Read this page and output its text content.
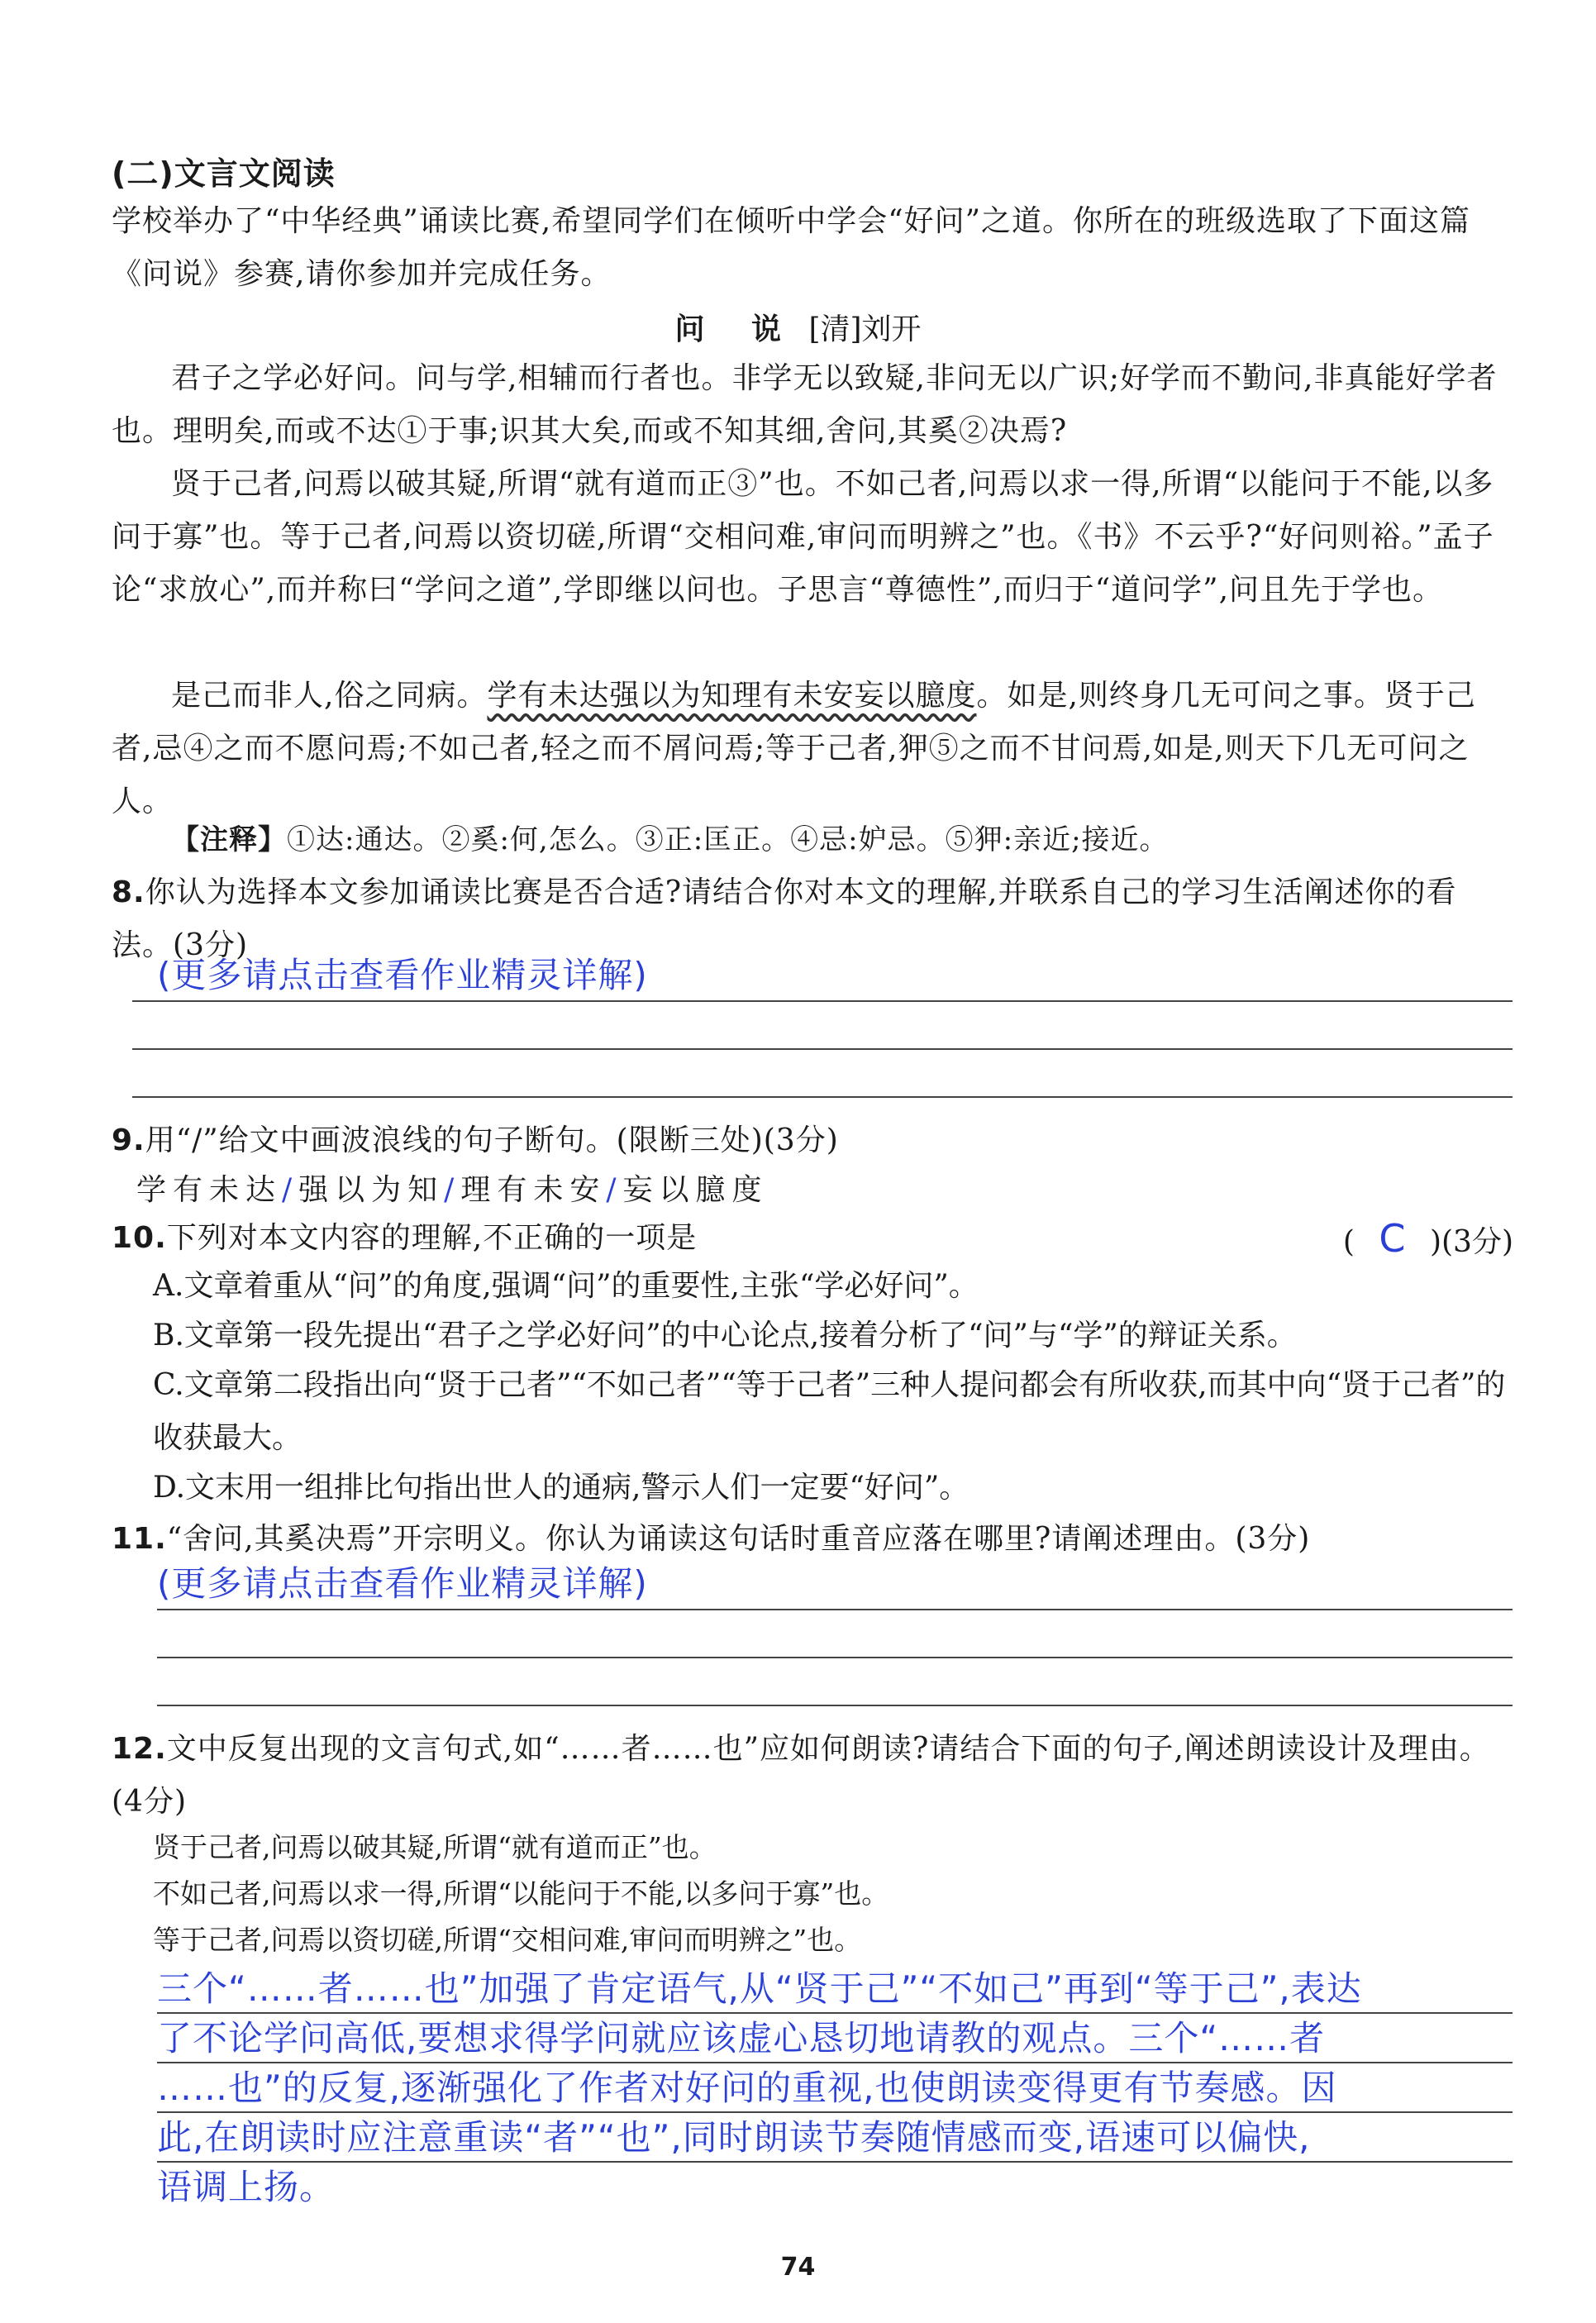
(二)文言文阅读
学校举办了“中华经典”诵读比赛,希望同学们在倾听中学会“好问”之道。你所在的班级选取了下面这篇《问说》参赛,请你参加并完成任务。
问 说 [清]刘开
君子之学必好问。问与学,相辅而行者也。非学无以致疑,非问无以广识;好学而不勤问,非真能好学者也。理明矣,而或不达①于事;识其大矣,而或不知其细,舍问,其奚②决焉?
贤于己者,问焉以破其疑,所谓“就有道而正③”也。不如己者,问焉以求一得,所谓“以能问于不能,以多问于寡”也。等于己者,问焉以资切磋,所谓“交相问难,审问而明辨之”也。《书》不云乎?“好问则裕。”孟子论“求放心”,而并称曰“学问之道”,学即继以问也。子思言“尊德性”,而归于“道问学”,问且先于学也。
是己而非人,俗之同病。学有未达强以为知理有未安妄以臆度。如是,则终身几无可问之事。贤于己者,忌④之而不愿问焉;不如己者,轻之而不屑问焉;等于己者,狎⑤之而不甘问焉,如是,则天下几无可问之人。
【注释】①达:通达。②奚:何,怎么。③正:匡正。④忌:妒忌。⑤狎:亲近;接近。
8.你认为选择本文参加诵读比赛是否合适?请结合你对本文的理解,并联系自己的学习生活阐述你的看法。(3分)
(更多请点击查看作业精灵详解)
9.用“/”给文中画波浪线的句子断句。(限断三处)(3分)
学有未达/强以为知/理有未安/妄以臆度
10.下列对本文内容的理解,不正确的一项是	( C )(3分)
A.文章着重从“问”的角度,强调“问”的重要性,主张“学必好问”。
B.文章第一段先提出“君子之学必好问”的中心论点,接着分析了“问”与“学”的辩证关系。
C.文章第二段指出向“贤于己者”“不如己者”“等于己者”三种人提问都会有所收获,而其中向“贤于己者”的收获最大。
D.文末用一组排比句指出世人的通病,警示人们一定要“好问”。
11.“舍问,其奚决焉”开宗明义。你认为诵读这句话时重音应落在哪里?请阐述理由。(3分)
(更多请点击查看作业精灵详解)
12.文中反复出现的文言句式,如“……者……也”应如何朗读?请结合下面的句子,阐述朗读设计及理由。(4分)
贤于己者,问焉以破其疑,所谓“就有道而正”也。
不如己者,问焉以求一得,所谓“以能问于不能,以多问于寡”也。
等于己者,问焉以资切磋,所谓“交相问难,审问而明辨之”也。
三个“……者……也”加强了肯定语气,从“贤于己”“不如己”再到“等于己”,表达
了不论学问高低,要想求得学问就应该虚心恳切地请教的观点。三个“……者
……也”的反复,逐渐强化了作者对好问的重视,也使朗读变得更有节奏感。因
此,在朗读时应注意重读“者”“也”,同时朗读节奏随情感而变,语速可以偏快,
语调上扬。
74
